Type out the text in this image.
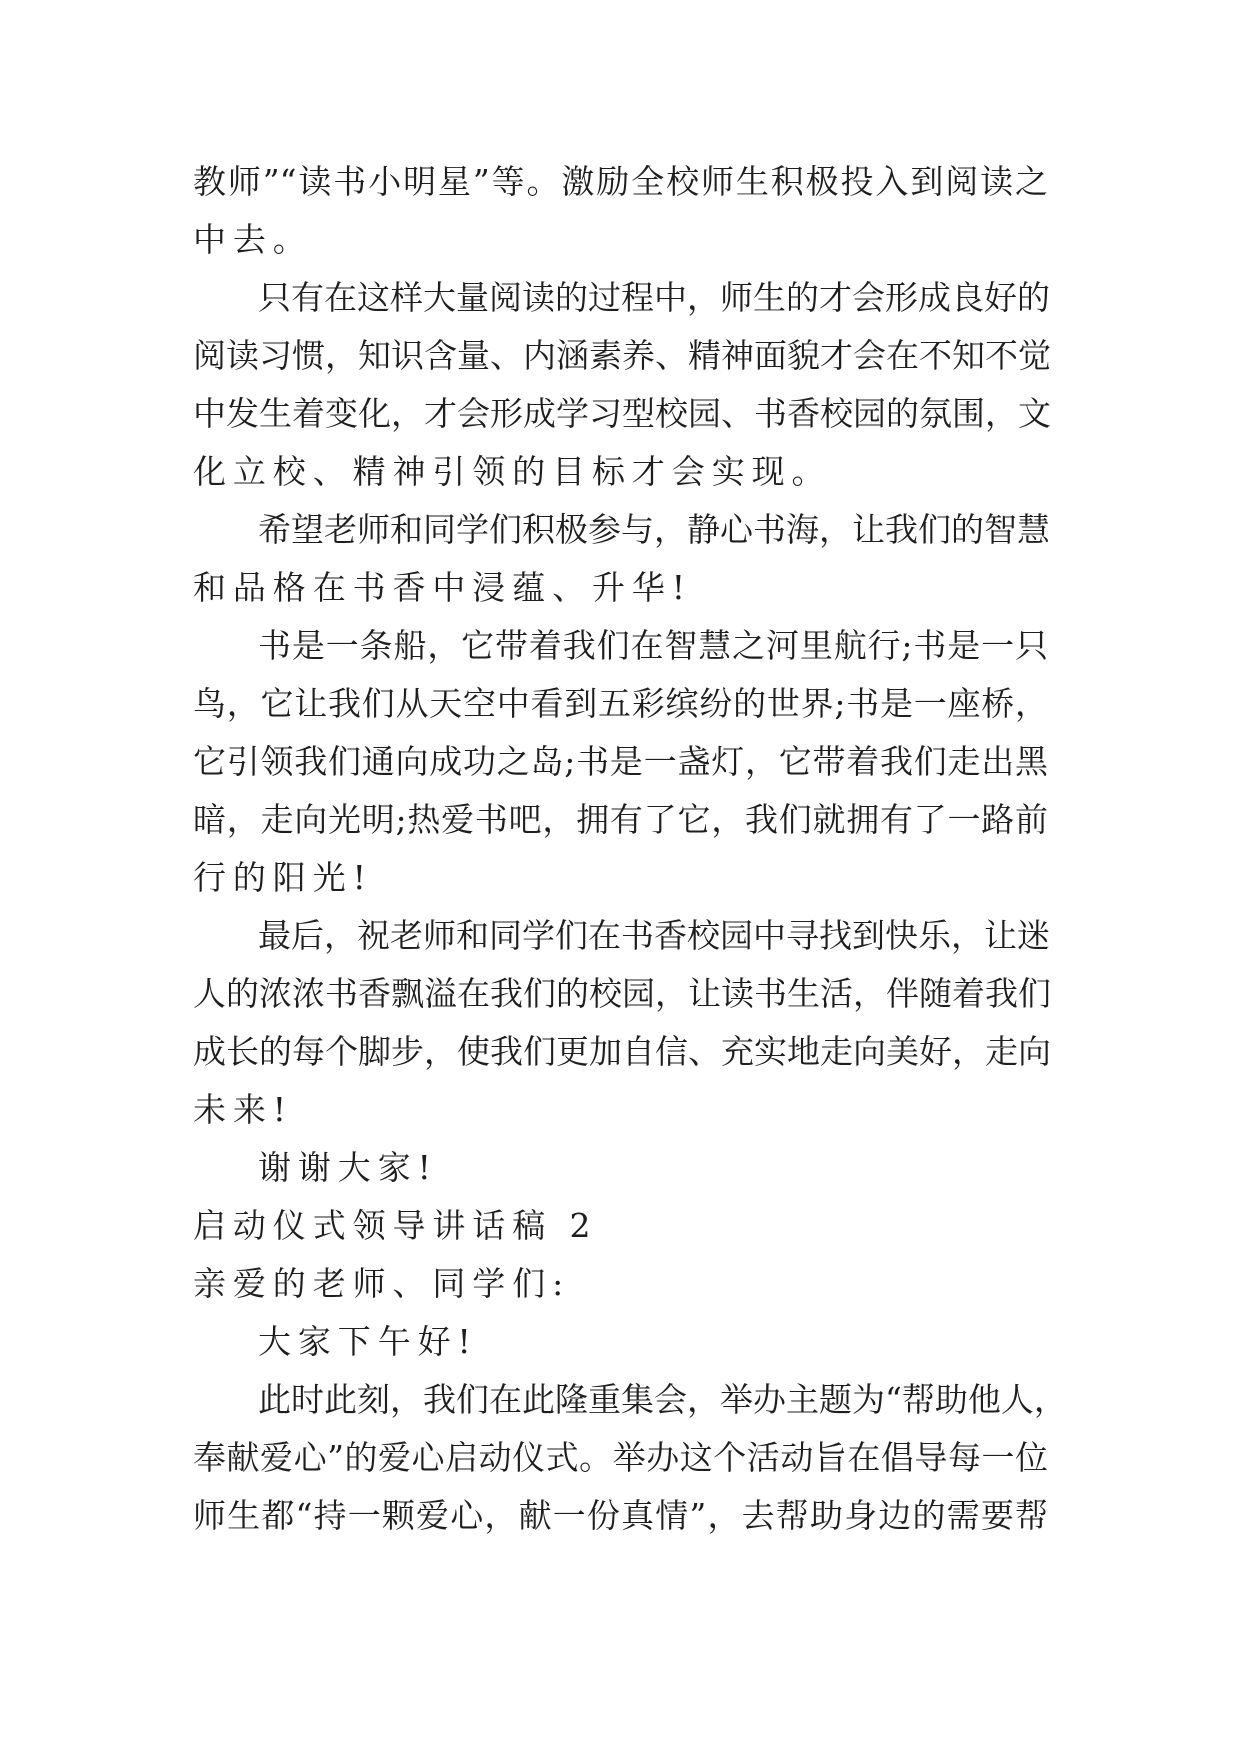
教师”“读书小明星”等。激励全校师生积极投入到阅读之
中去。
只有在这样大量阅读的过程中，师生的才会形成良好的
阅读习惯，知识含量、内涵素养、精神面貌才会在不知不觉
中发生着变化，才会形成学习型校园、书香校园的氛围，文
化立校、精神引领的目标才会实现。
希望老师和同学们积极参与，静心书海，让我们的智慧
和品格在书香中浸蕴、升华!
书是一条船，它带着我们在智慧之河里航行;书是一只
鸟，它让我们从天空中看到五彩缤纷的世界;书是一座桥，
它引领我们通向成功之岛;书是一盏灯，它带着我们走出黑
暗，走向光明;热爱书吧，拥有了它，我们就拥有了一路前
行的阳光!
最后，祝老师和同学们在书香校园中寻找到快乐，让迷
人的浓浓书香飘溢在我们的校园，让读书生活，伴随着我们
成长的每个脚步，使我们更加自信、充实地走向美好，走向
未来!
谢谢大家!
启动仪式领导讲话稿 2
亲爱的老师、同学们:
大家下午好!
此时此刻，我们在此隆重集会，举办主题为“帮助他人，
奉献爱心”的爱心启动仪式。举办这个活动旨在倡导每一位
师生都“持一颗爱心，献一份真情”，去帮助身边的需要帮
